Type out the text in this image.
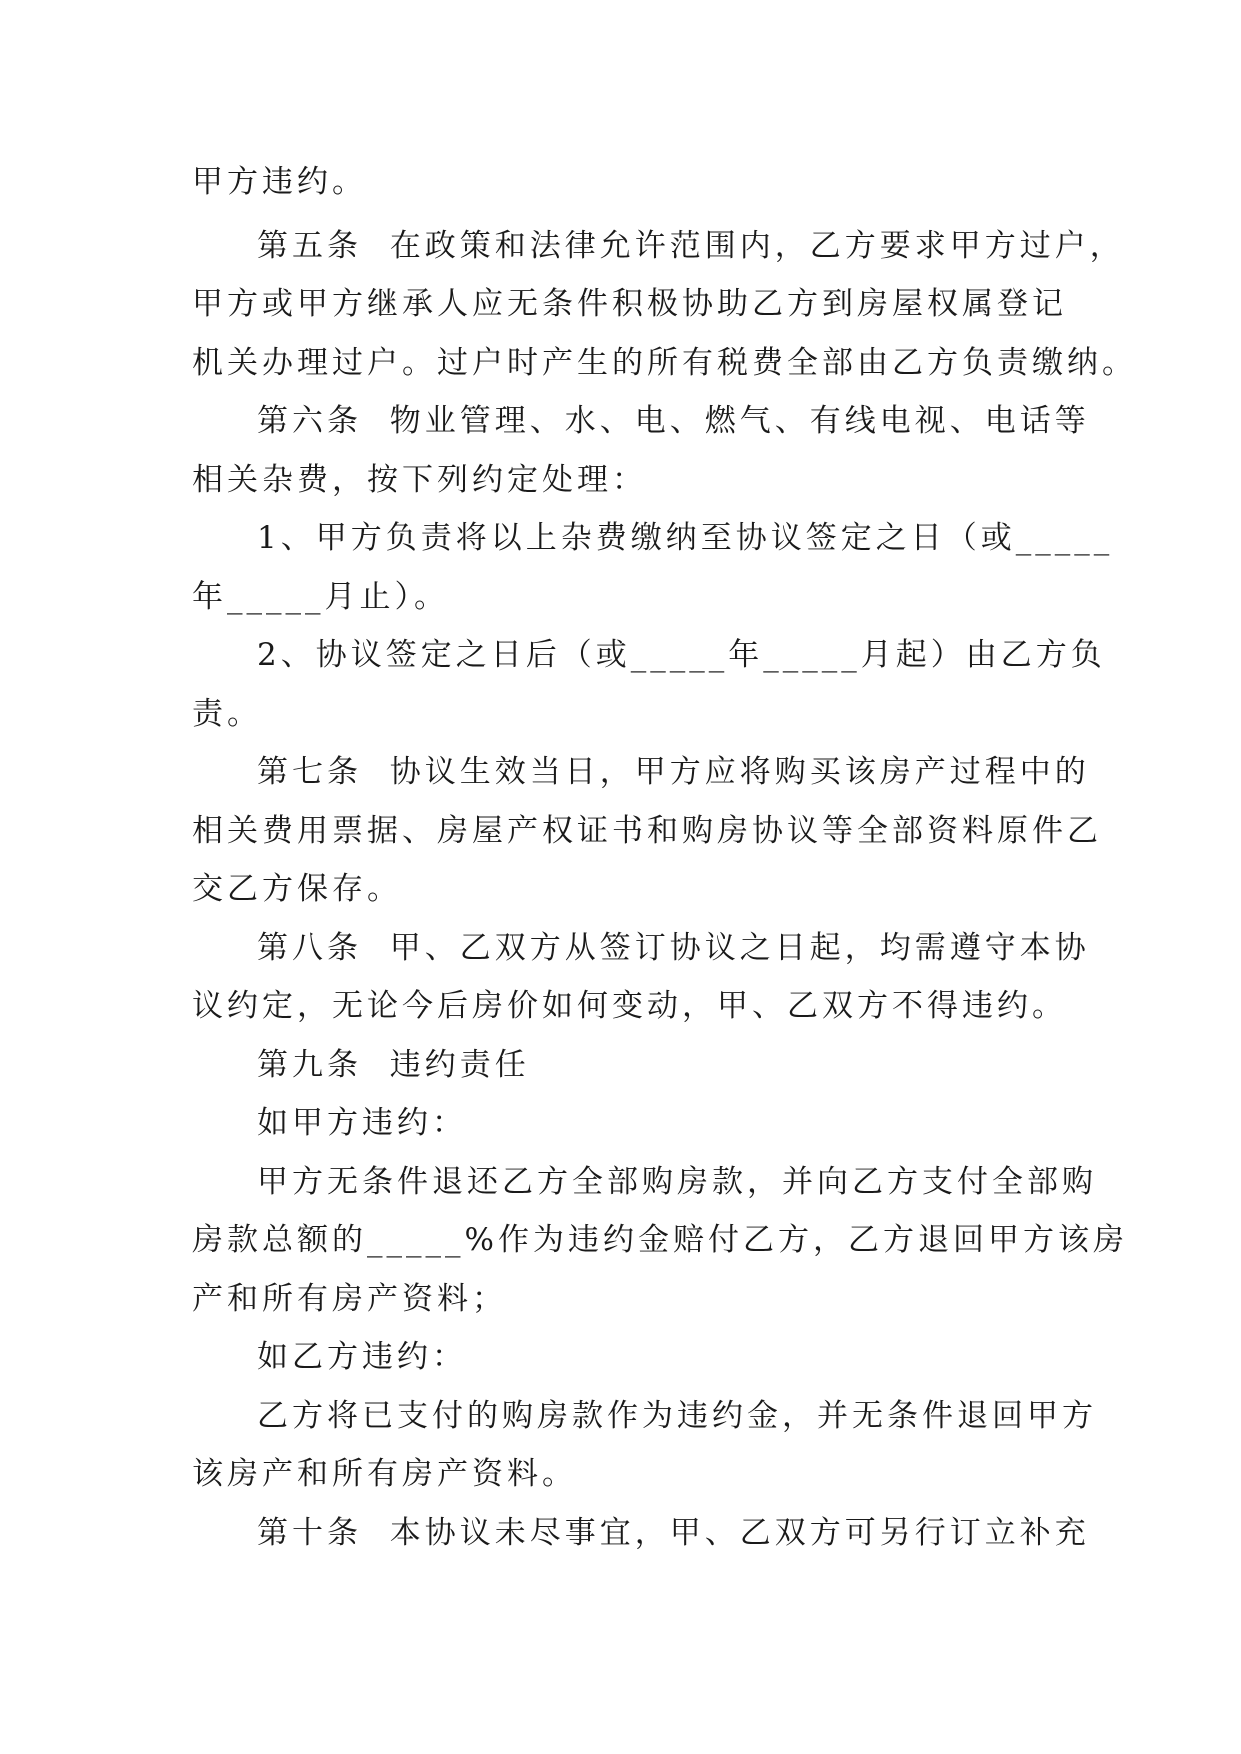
甲方违约。
第五条  在政策和法律允许范围内，乙方要求甲方过户，
甲方或甲方继承人应无条件积极协助乙方到房屋权属登记
机关办理过户。过户时产生的所有税费全部由乙方负责缴纳。
第六条  物业管理、水、电、燃气、有线电视、电话等
相关杂费，按下列约定处理：
1、甲方负责将以上杂费缴纳至协议签定之日（或_____
年_____月止）。
2、协议签定之日后（或_____年_____月起）由乙方负
责。
第七条  协议生效当日，甲方应将购买该房产过程中的
相关费用票据、房屋产权证书和购房协议等全部资料原件乙
交乙方保存。
第八条  甲、乙双方从签订协议之日起，均需遵守本协
议约定，无论今后房价如何变动，甲、乙双方不得违约。
第九条  违约责任
如甲方违约：
甲方无条件退还乙方全部购房款，并向乙方支付全部购
房款总额的_____%作为违约金赔付乙方，乙方退回甲方该房
产和所有房产资料；
如乙方违约：
乙方将已支付的购房款作为违约金，并无条件退回甲方
该房产和所有房产资料。
第十条  本协议未尽事宜，甲、乙双方可另行订立补充
